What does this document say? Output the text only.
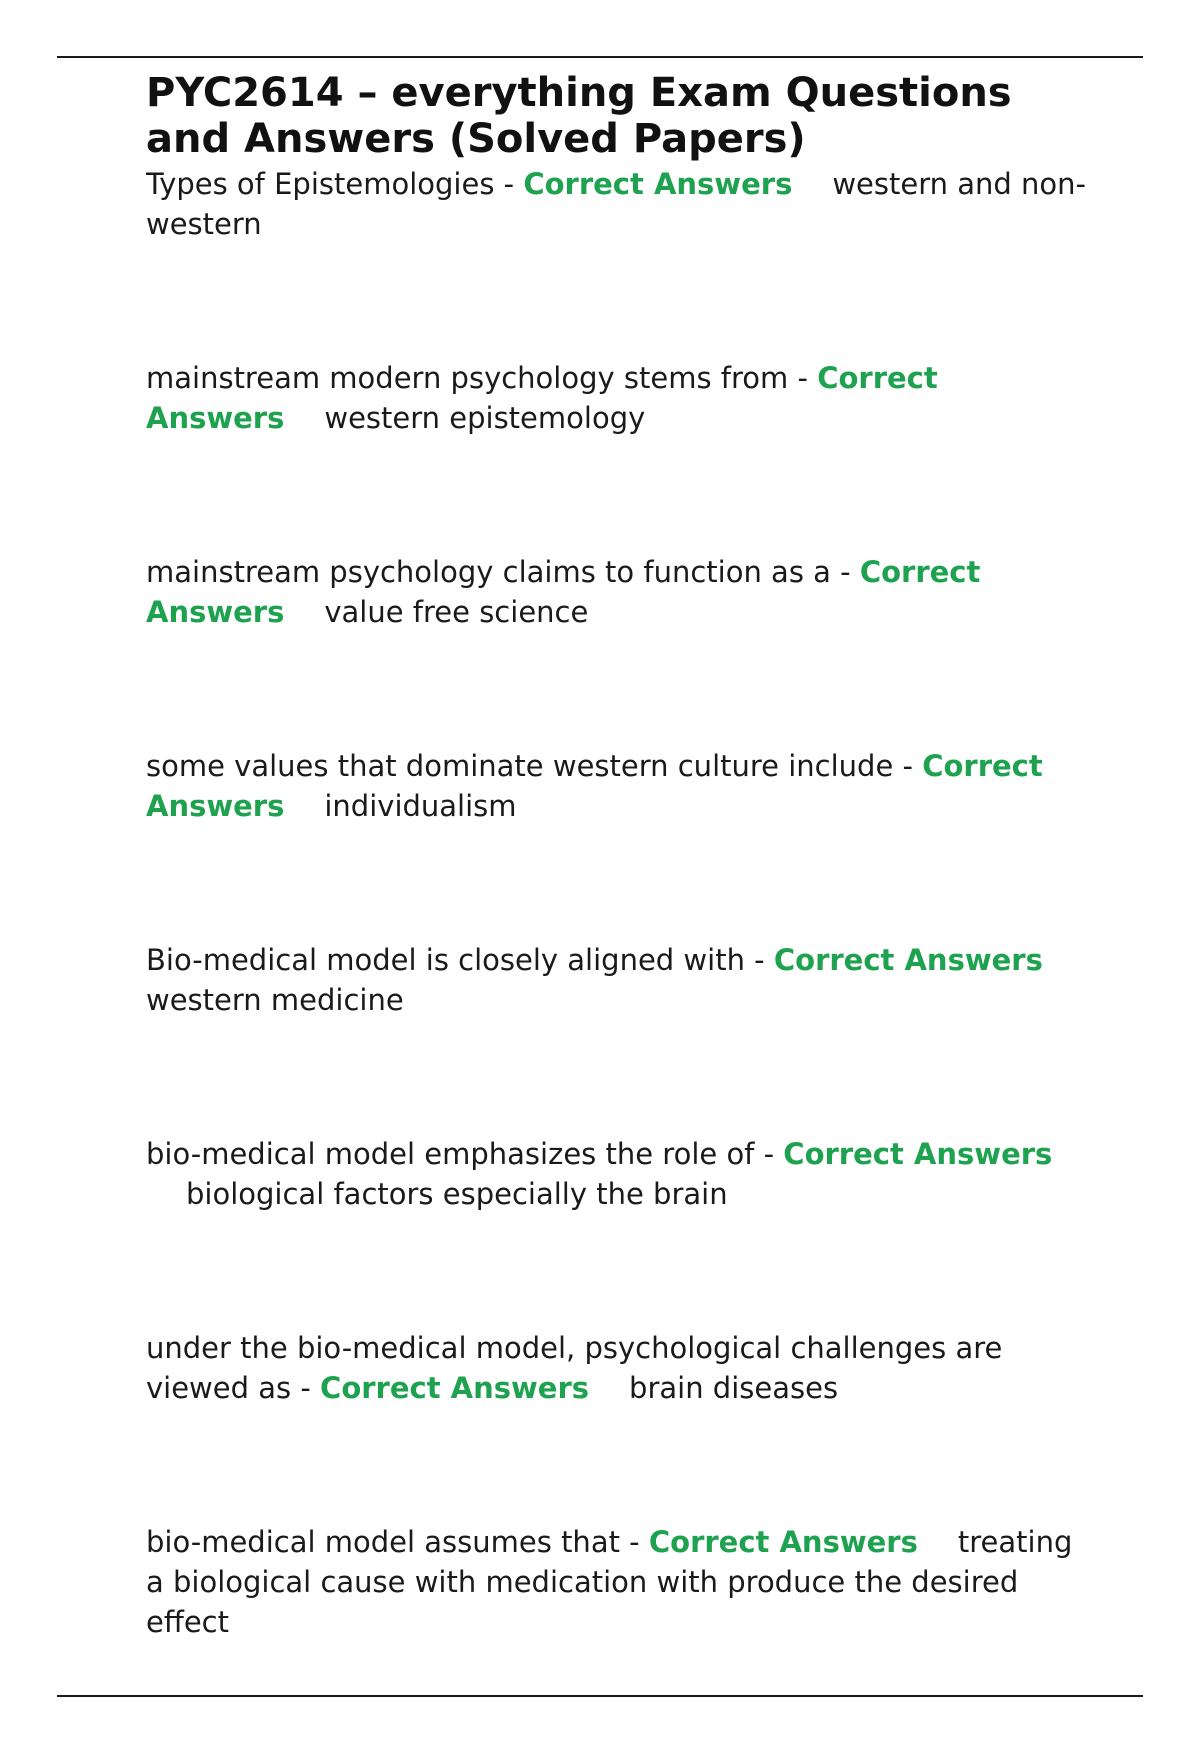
PYC2614 – everything Exam Questions and Answers (Solved Papers)

Types of Epistemologies - Correct Answers western and non-western

mainstream modern psychology stems from - Correct Answers western epistemology

mainstream psychology claims to function as a - Correct Answers value free science

some values that dominate western culture include - Correct Answers individualism

Bio-medical model is closely aligned with - Correct Answerswestern medicine

bio-medical model emphasizes the role of - Correct Answersbiological factors especially the brain

under the bio-medical model, psychological challenges are viewed as - Correct Answers brain diseases

bio-medical model assumes that - Correct Answers treating a biological cause with medication with produce the desired effect
